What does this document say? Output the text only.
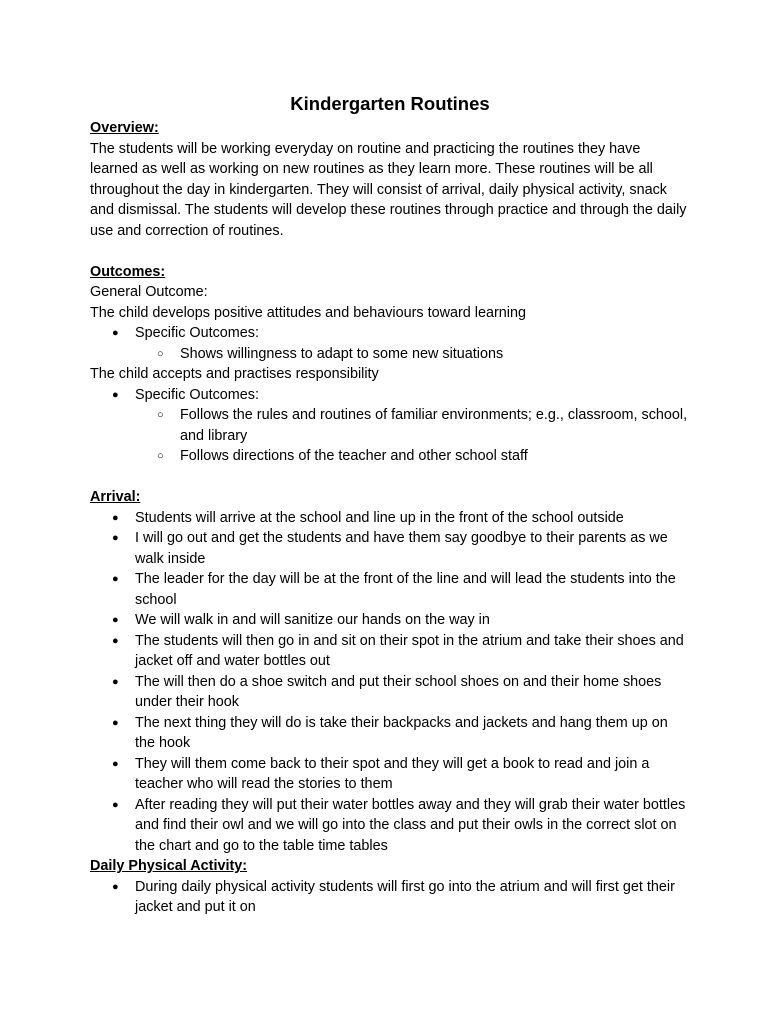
Kindergarten Routines

Overview:

The students will be working everyday on routine and practicing the routines they have learned as well as working on new routines as they learn more. These routines will be all throughout the day in kindergarten. They will consist of arrival, daily physical activity, snack and dismissal. The students will develop these routines through practice and through the daily use and correction of routines.

Outcomes:

General Outcome:

The child develops positive attitudes and behaviours toward learning

● Specific Outcomes:
○ Shows willingness to adapt to some new situations

The child accepts and practises responsibility

● Specific Outcomes:
○ Follows the rules and routines of familiar environments; e.g., classroom, school, and library
○ Follows directions of the teacher and other school staff

Arrival:

● Students will arrive at the school and line up in the front of the school outside
● I will go out and get the students and have them say goodbye to their parents as we walk inside
● The leader for the day will be at the front of the line and will lead the students into the school
● We will walk in and will sanitize our hands on the way in
● The students will then go in and sit on their spot in the atrium and take their shoes and jacket off and water bottles out
● The will then do a shoe switch and put their school shoes on and their home shoes under their hook
● The next thing they will do is take their backpacks and jackets and hang them up on the hook
● They will them come back to their spot and they will get a book to read and join a teacher who will read the stories to them
● After reading they will put their water bottles away and they will grab their water bottles and find their owl and we will go into the class and put their owls in the correct slot on the chart and go to the table time tables

Daily Physical Activity:

● During daily physical activity students will first go into the atrium and will first get their jacket and put it on
